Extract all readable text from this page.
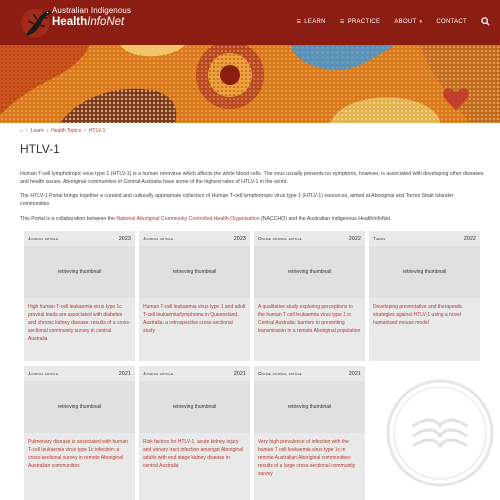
Australian Indigenous
HealthInfoNet	☰ LEARN	☰ PRACTICE ABOUT ▾ CONTACT
⌂ › Learn › Health Topics › HTLV-1
HTLV-1

Human T-cell lymphotropic virus type 1 (HTLV-1) is a human retrovirus which affects the white blood cells. The virus usually presents no symptoms, however, is associated with developing other diseases and health issues. Aboriginal communities in Central Australia have some of the highest rates of HTLV-1 in the world.

The HTLV-1 Portal brings together a curated and culturally appropriate collection of Human T-cell lymphotropic virus type 1 (HTLV-1) resources, aimed at Aboriginal and Torres Strait Islander communities.

This Portal is a collaboration between the National Aboriginal Community Controlled Health Organisation (NACCHO) and the Australian Indigenous HealthInfoNet.

Journal article	2023
retrieving thumbnail
High human T-cell leukaemia virus type 1c proviral loads are associated with diabetes and chronic kidney disease: results of a cross-sectional community survey in central Australia
Journal article	2023
retrieving thumbnail
Human T-cell leukaemia virus type 1 and adult T-cell leukaemia/lymphoma in Queensland, Australia: a retrospective cross-sectional study
Online journal article	2022
retrieving thumbnail
A qualitative study exploring perceptions to the human T cell leukaemia virus type 1 in Central Australia: barriers to preventing transmission in a remote Aboriginal population
Thesis	2022
retrieving thumbnail
Developing preventative and therapeutic strategies against HTLV-1 using a novel humanised mouse model
Journal article	2021
retrieving thumbnail
Pulmonary disease is associated with human T-cell leukaemia virus type 1c infection: a cross-sectional survey in remote Aboriginal Australian communities
Journal article	2021
retrieving thumbnail
Risk factors for HTLV-1, acute kidney injury and urinary tract infection amongst Aboriginal adults with end stage kidney disease in central Australia
Online journal article	2021
retrieving thumbnail
Very high prevalence of infection with the human T cell leukaemia virus type 1c in remote Australian Aboriginal communities: results of a large cross-sectional community survey
